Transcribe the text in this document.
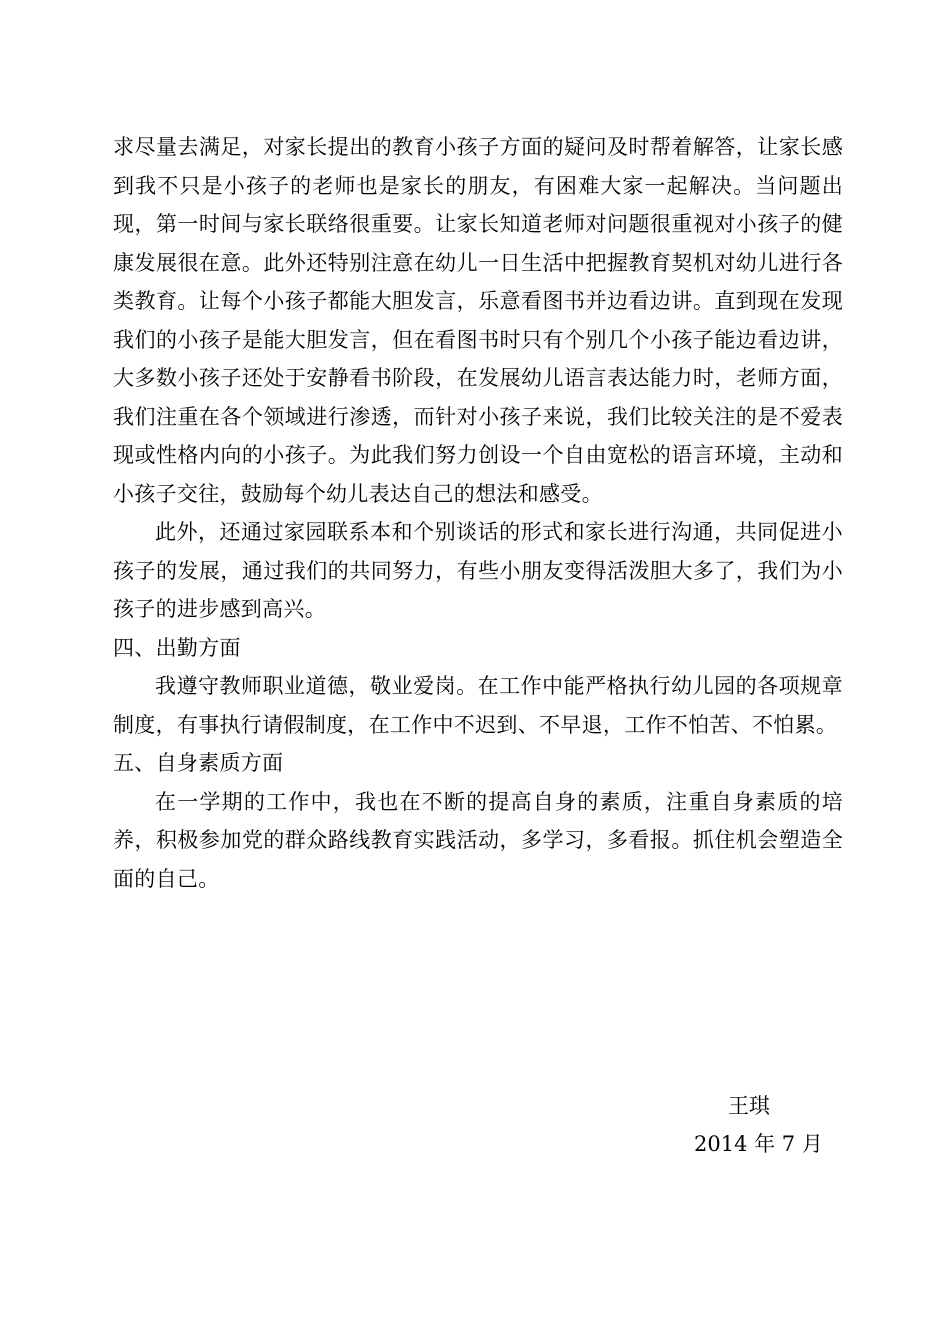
求尽量去满足，对家长提出的教育小孩子方面的疑问及时帮着解答，让家长感到我不只是小孩子的老师也是家长的朋友，有困难大家一起解决。当问题出现，第一时间与家长联络很重要。让家长知道老师对问题很重视对小孩子的健康发展很在意。此外还特别注意在幼儿一日生活中把握教育契机对幼儿进行各类教育。让每个小孩子都能大胆发言，乐意看图书并边看边讲。直到现在发现我们的小孩子是能大胆发言，但在看图书时只有个别几个小孩子能边看边讲，大多数小孩子还处于安静看书阶段，在发展幼儿语言表达能力时，老师方面，我们注重在各个领域进行渗透，而针对小孩子来说，我们比较关注的是不爱表现或性格内向的小孩子。为此我们努力创设一个自由宽松的语言环境，主动和小孩子交往，鼓励每个幼儿表达自己的想法和感受。

此外，还通过家园联系本和个别谈话的形式和家长进行沟通，共同促进小孩子的发展，通过我们的共同努力，有些小朋友变得活泼胆大多了，我们为小孩子的进步感到高兴。

四、出勤方面

我遵守教师职业道德，敬业爱岗。在工作中能严格执行幼儿园的各项规章制度，有事执行请假制度，在工作中不迟到、不早退，工作不怕苦、不怕累。

五、自身素质方面

在一学期的工作中，我也在不断的提高自身的素质，注重自身素质的培养，积极参加党的群众路线教育实践活动，多学习，多看报。抓住机会塑造全面的自己。

王琪
2014 年 7 月
